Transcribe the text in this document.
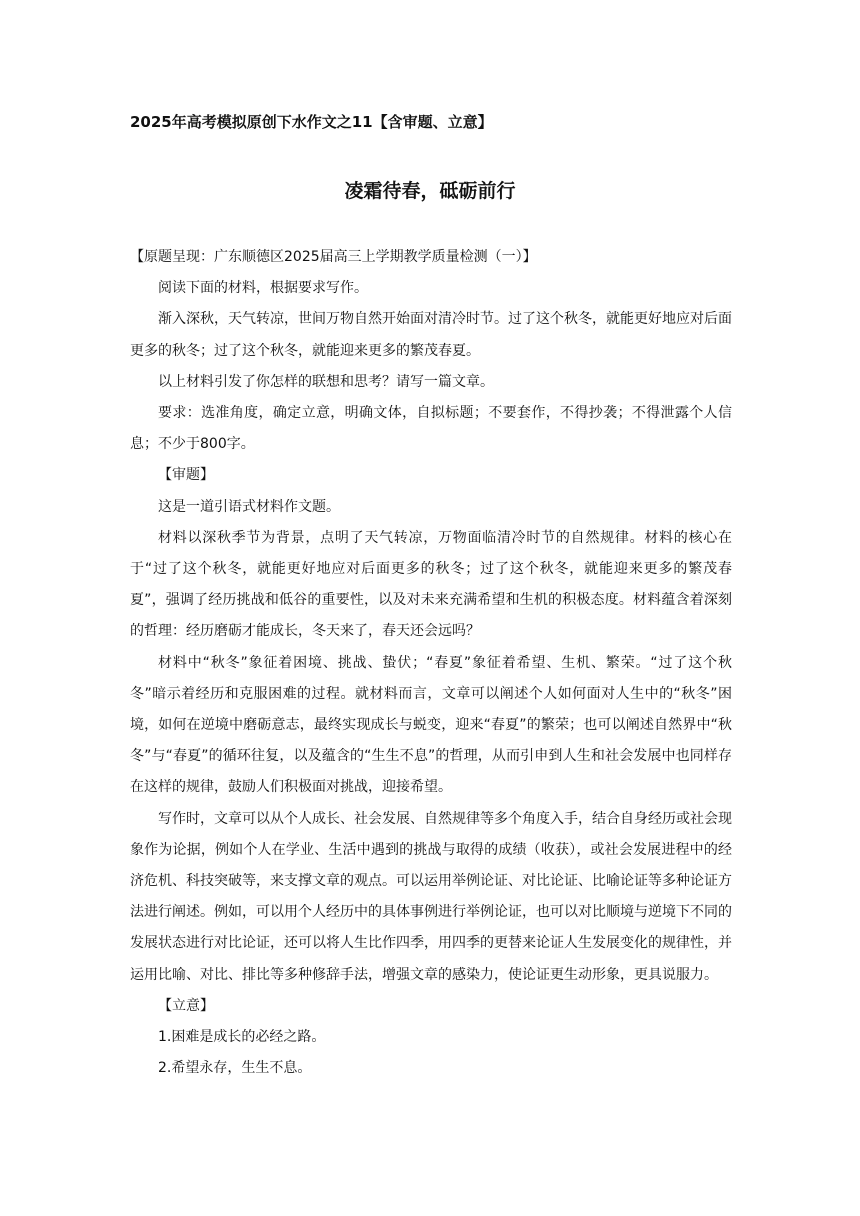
2025年高考模拟原创下水作文之11【含审题、立意】

凌霜待春，砥砺前行

【原题呈现：广东顺德区2025届高三上学期教学质量检测（一）】

阅读下面的材料，根据要求写作。

渐入深秋，天气转凉，世间万物自然开始面对清冷时节。过了这个秋冬，就能更好地应对后面更多的秋冬；过了这个秋冬，就能迎来更多的繁茂春夏。

以上材料引发了你怎样的联想和思考？请写一篇文章。

要求：选准角度，确定立意，明确文体，自拟标题；不要套作，不得抄袭；不得泄露个人信息；不少于800字。

【审题】

这是一道引语式材料作文题。

材料以深秋季节为背景，点明了天气转凉，万物面临清冷时节的自然规律。材料的核心在于“过了这个秋冬，就能更好地应对后面更多的秋冬；过了这个秋冬，就能迎来更多的繁茂春夏”，强调了经历挑战和低谷的重要性，以及对未来充满希望和生机的积极态度。材料蕴含着深刻的哲理：经历磨砺才能成长，冬天来了，春天还会远吗？

材料中“秋冬”象征着困境、挑战、蛰伏；“春夏”象征着希望、生机、繁荣。“过了这个秋冬”暗示着经历和克服困难的过程。就材料而言，文章可以阐述个人如何面对人生中的“秋冬”困境，如何在逆境中磨砺意志，最终实现成长与蜕变，迎来“春夏”的繁荣；也可以阐述自然界中“秋冬”与“春夏”的循环往复，以及蕴含的“生生不息”的哲理，从而引申到人生和社会发展中也同样存在这样的规律，鼓励人们积极面对挑战，迎接希望。

写作时，文章可以从个人成长、社会发展、自然规律等多个角度入手，结合自身经历或社会现象作为论据，例如个人在学业、生活中遇到的挑战与取得的成绩（收获），或社会发展进程中的经济危机、科技突破等，来支撑文章的观点。可以运用举例论证、对比论证、比喻论证等多种论证方法进行阐述。例如，可以用个人经历中的具体事例进行举例论证，也可以对比顺境与逆境下不同的发展状态进行对比论证，还可以将人生比作四季，用四季的更替来论证人生发展变化的规律性，并运用比喻、对比、排比等多种修辞手法，增强文章的感染力，使论证更生动形象，更具说服力。

【立意】

1.困难是成长的必经之路。

2.希望永存，生生不息。
